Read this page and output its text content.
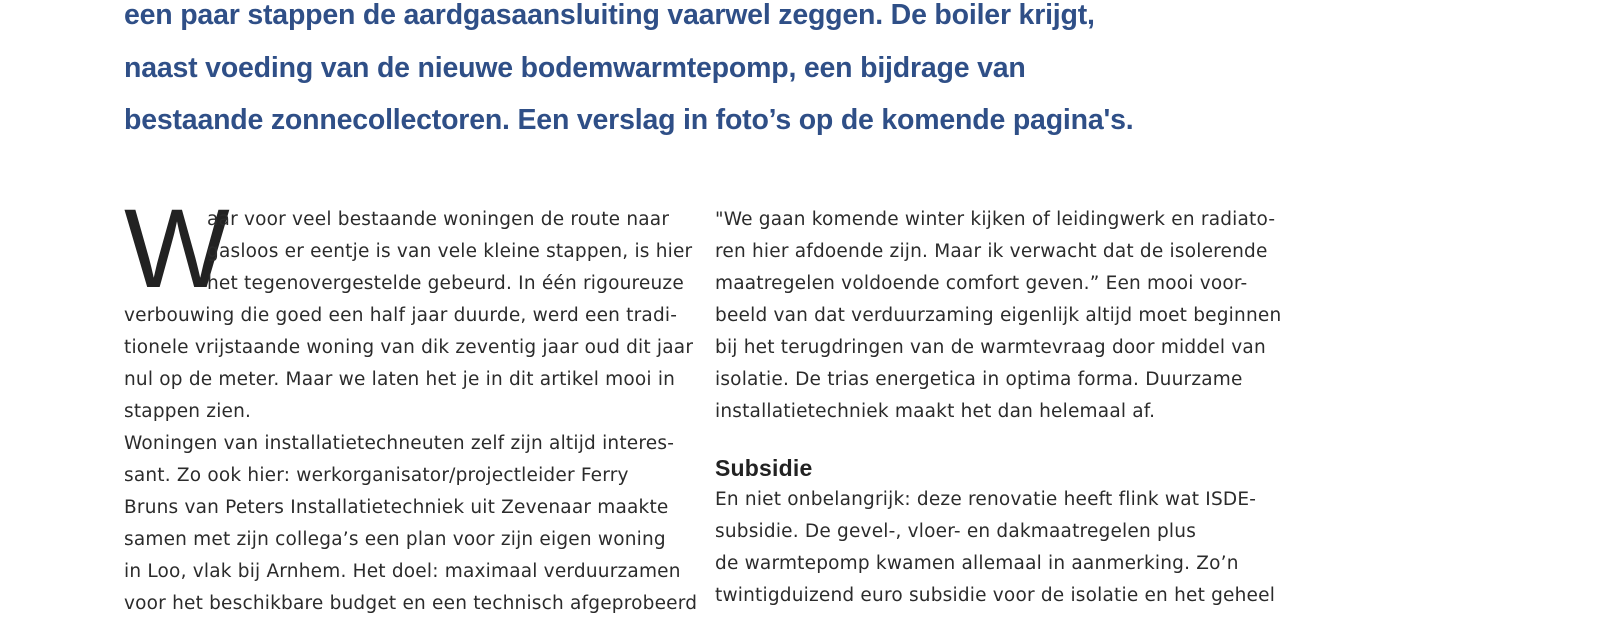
een paar stappen de aardgasaansluiting vaarwel zeggen. De boiler krijgt,
naast voeding van de nieuwe bodemwarmtepomp, een bijdrage van
bestaande zonnecollectoren. Een verslag in foto’s op de komende pagina's.

W
aar voor veel bestaande woningen de route naar
gasloos er eentje is van vele kleine stappen, is hier
het tegenovergestelde gebeurd. In één rigoureuze
verbouwing die goed een half jaar duurde, werd een tradi-
tionele vrijstaande woning van dik zeventig jaar oud dit jaar
nul op de meter. Maar we laten het je in dit artikel mooi in
stappen zien.
Woningen van installatietechneuten zelf zijn altijd interes-
sant. Zo ook hier: werkorganisator/projectleider Ferry
Bruns van Peters Installatietechniek uit Zevenaar maakte
samen met zijn collega’s een plan voor zijn eigen woning
in Loo, vlak bij Arnhem. Het doel: maximaal verduurzamen
voor het beschikbare budget en een technisch afgeprobeerd
"We gaan komende winter kijken of leidingwerk en radiato-
ren hier afdoende zijn. Maar ik verwacht dat de isolerende
maatregelen voldoende comfort geven.” Een mooi voor-
beeld van dat verduurzaming eigenlijk altijd moet beginnen
bij het terugdringen van de warmtevraag door middel van
isolatie. De trias energetica in optima forma. Duurzame
installatietechniek maakt het dan helemaal af.
Subsidie
En niet onbelangrijk: deze renovatie heeft flink wat ISDE-
subsidie. De gevel-, vloer- en dakmaatregelen plus
de warmtepomp kwamen allemaal in aanmerking. Zo’n
twintigduizend euro subsidie voor de isolatie en het geheel
